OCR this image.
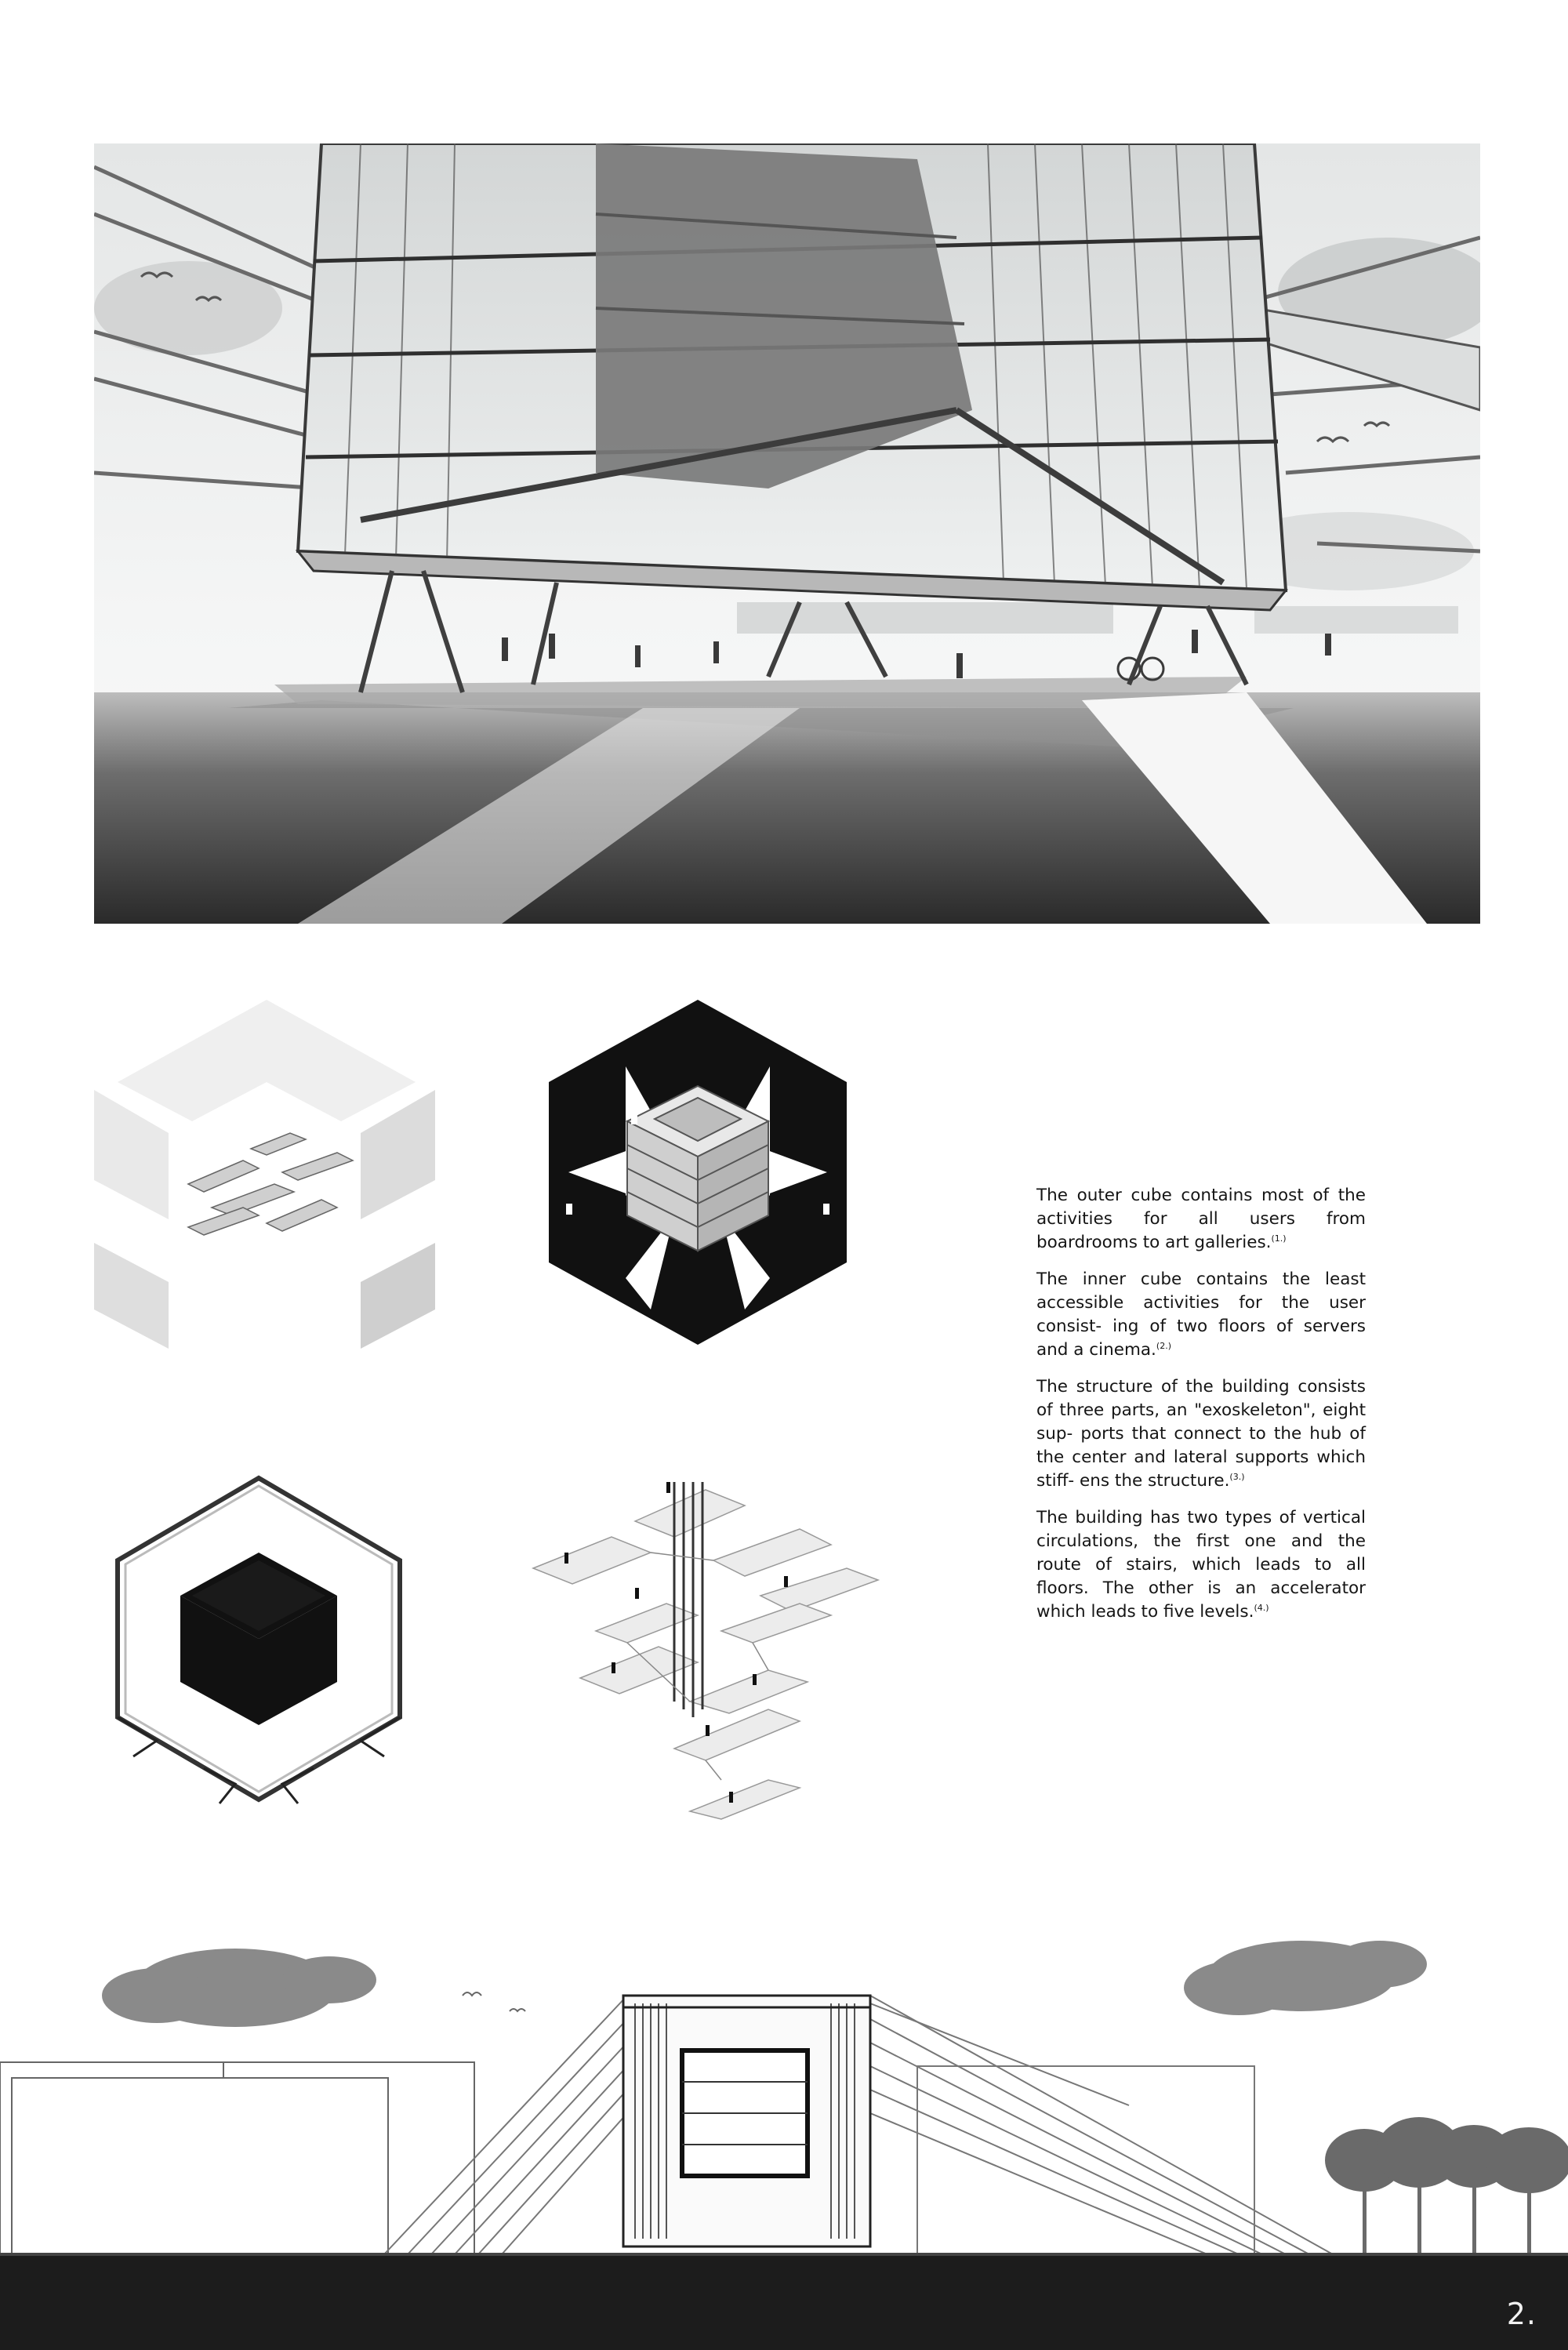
The outer cube contains most of the activities for all users from boardrooms to art galleries.$^{(1.)}$

The inner cube contains the least accessible activities for the user consist- ing of two floors of servers and a cinema.$^{(2.)}$

The structure of the building consists of three parts, an "exoskeleton", eight sup- ports that connect to the hub of the center and lateral supports which stiff- ens the structure.$^{(3.)}$

The building has two types of vertical circulations, the first one and the route of stairs, which leads to all floors. The other is an accelerator which leads to five levels.$^{(4.)}$

2.
